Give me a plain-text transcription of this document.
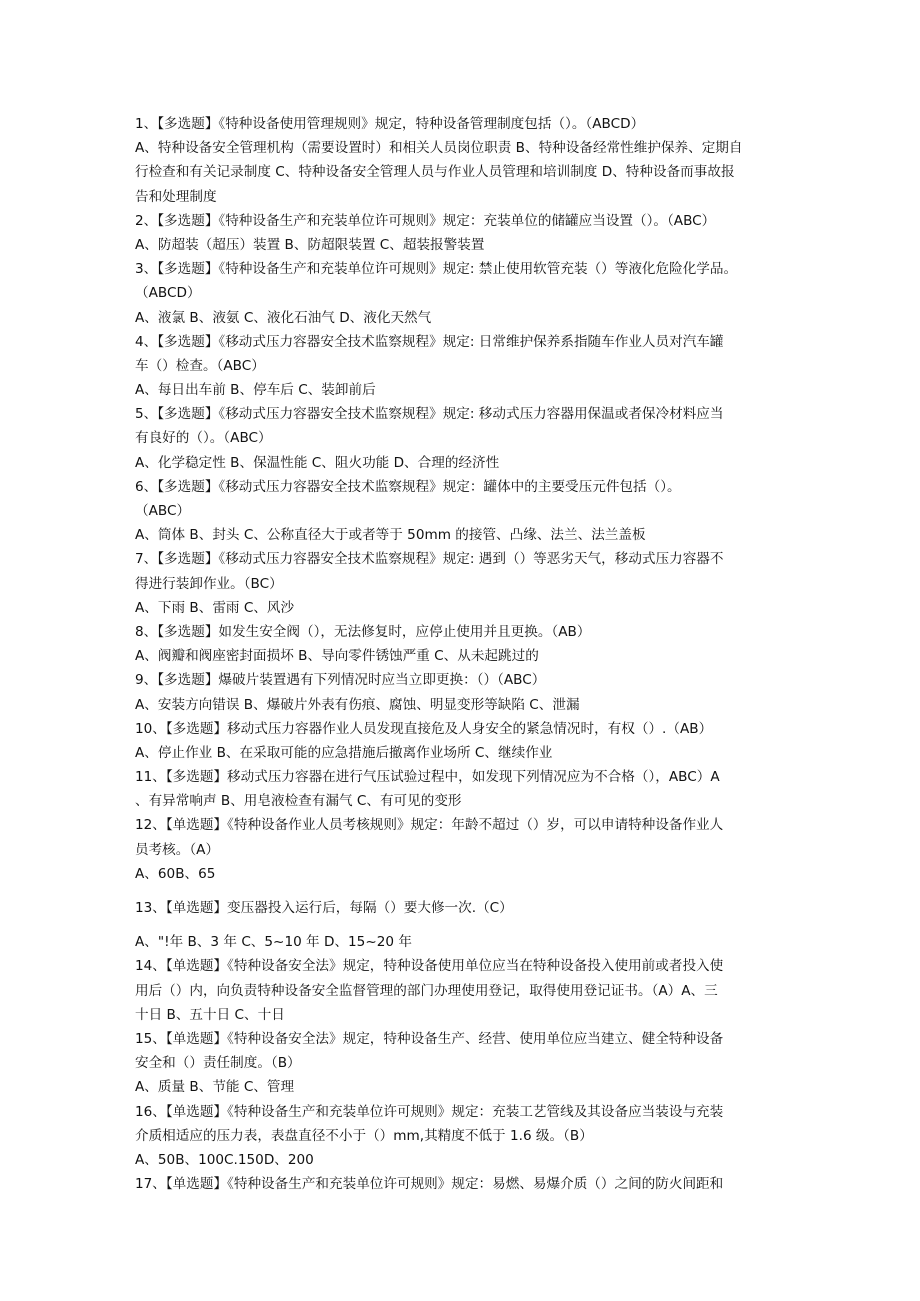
1、【多选题】《特种设备使用管理规则》规定，特种设备管理制度包括（）。（ABCD）
A、特种设备安全管理机构（需要设置时）和相关人员岗位职责 B、特种设备经常性维护保养、定期自
行检查和有关记录制度 C、特种设备安全管理人员与作业人员管理和培训制度 D、特种设备而事故报
告和处理制度
2、【多选题】《特种设备生产和充装单位许可规则》规定：充装单位的储罐应当设置（）。（ABC）
A、防超装（超压）装置 B、防超限装置 C、超装报警装置
3、【多选题】《特种设备生产和充装单位许可规则》规定: 禁止使用软管充装（）等液化危险化学品。
（ABCD）
A、液氯 B、液氨 C、液化石油气 D、液化天然气
4、【多选题】《移动式压力容器安全技术监察规程》规定: 日常维护保养系指随车作业人员对汽车罐
车（）检查。（ABC）
A、每日出车前 B、停车后 C、装卸前后
5、【多选题】《移动式压力容器安全技术监察规程》规定: 移动式压力容器用保温或者保冷材料应当
有良好的（）。（ABC）
A、化学稳定性 B、保温性能 C、阻火功能 D、合理的经济性
6、【多选题】《移动式压力容器安全技术监察规程》规定：罐体中的主要受压元件包括（）。
（ABC）
A、筒体 B、封头 C、公称直径大于或者等于 50mm 的接管、凸缘、法兰、法兰盖板
7、【多选题】《移动式压力容器安全技术监察规程》规定: 遇到（）等恶劣天气，移动式压力容器不
得进行装卸作业。（BC）
A、下雨 B、雷雨 C、风沙
8、【多选题】如发生安全阀（），无法修复时，应停止使用并且更换。（AB）
A、阀瓣和阀座密封面损坏 B、导向零件锈蚀严重 C、从未起跳过的
9、【多选题】爆破片装置遇有下列情况时应当立即更换：（）（ABC）
A、安装方向错误 B、爆破片外表有伤痕、腐蚀、明显变形等缺陷 C、泄漏
10、【多选题】移动式压力容器作业人员发现直接危及人身安全的紧急情况时，有权（）.（AB）
A、停止作业 B、在采取可能的应急措施后撤离作业场所 C、继续作业
11、【多选题】移动式压力容器在进行气压试验过程中，如发现下列情况应为不合格（），ABC）A
、有异常响声 B、用皂液检查有漏气 C、有可见的变形
12、【单选题】《特种设备作业人员考核规则》规定：年龄不超过（）岁，可以申请特种设备作业人
员考核。（A）
A、60B、65
13、【单选题】变压器投入运行后，每隔（）要大修一次.（C）
A、"!年 B、3 年 C、5~10 年 D、15~20 年
14、【单选题】《特种设备安全法》规定，特种设备使用单位应当在特种设备投入使用前或者投入使
用后（）内，向负责特种设备安全监督管理的部门办理使用登记，取得使用登记证书。（A）A、三
十日 B、五十日 C、十日
15、【单选题】《特种设备安全法》规定，特种设备生产、经营、使用单位应当建立、健全特种设备
安全和（）责任制度。（B）
A、质量 B、节能 C、管理
16、【单选题】《特种设备生产和充装单位许可规则》规定：充装工艺管线及其设备应当装设与充装
介质相适应的压力表，表盘直径不小于（）mm,其精度不低于 1.6 级。（B）
A、50B、100C.150D、200
17、【单选题】《特种设备生产和充装单位许可规则》规定：易燃、易爆介质（）之间的防火间距和
